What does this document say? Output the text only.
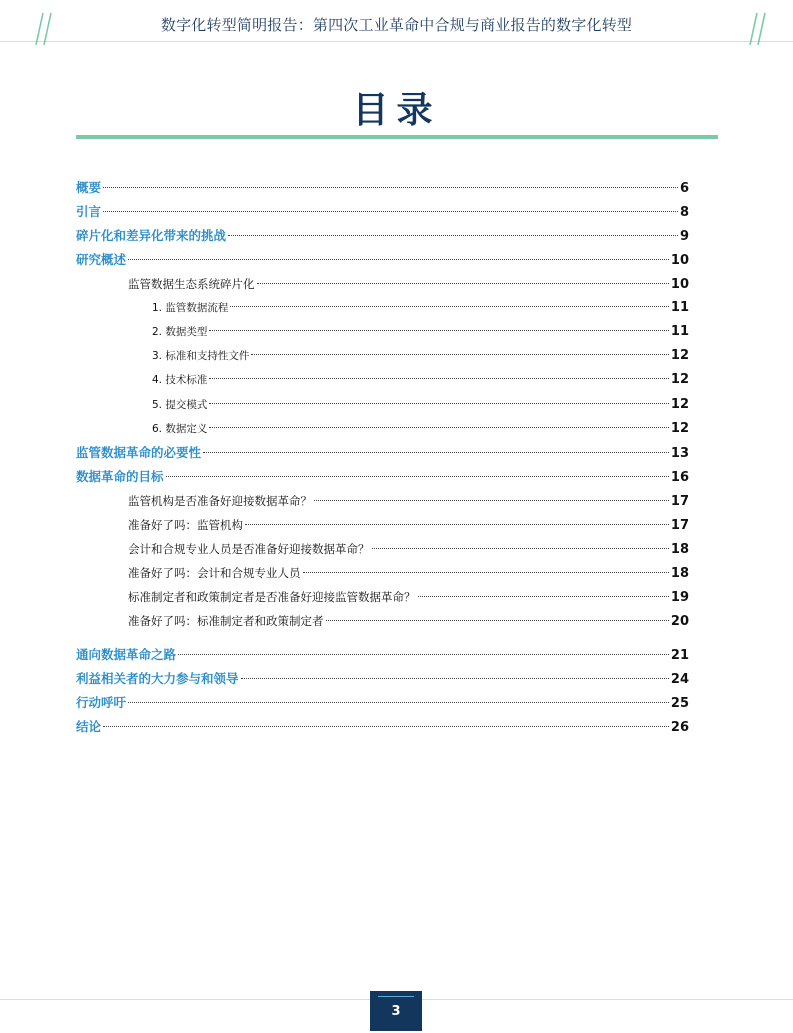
数字化转型简明报告：第四次工业革命中合规与商业报告的数字化转型
目录
概要	6
引言	8
碎片化和差异化带来的挑战	9
研究概述	10
监管数据生态系统碎片化	10
1. 监管数据流程	11
2. 数据类型	11
3. 标准和支持性文件	12
4. 技术标准	12
5. 提交模式	12
6. 数据定义	12
监管数据革命的必要性	13
数据革命的目标	16
监管机构是否准备好迎接数据革命？	17
准备好了吗：监管机构	17
会计和合规专业人员是否准备好迎接数据革命？	18
准备好了吗：会计和合规专业人员	18
标准制定者和政策制定者是否准备好迎接监管数据革命？	19
准备好了吗：标准制定者和政策制定者	20
通向数据革命之路	21
利益相关者的大力参与和领导	24
行动呼吁	25
结论	26
3
